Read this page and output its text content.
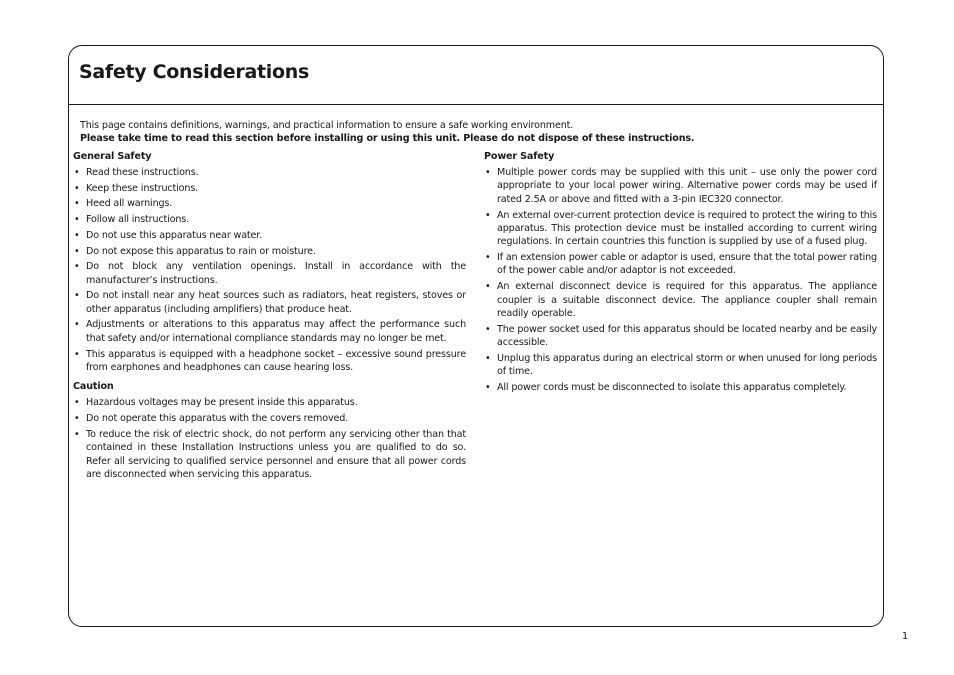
Safety Considerations

This page contains definitions, warnings, and practical information to ensure a safe working environment.

Please take time to read this section before installing or using this unit. Please do not dispose of these instructions.

General Safety
• Read these instructions.
• Keep these instructions.
• Heed all warnings.
• Follow all instructions.
• Do not use this apparatus near water.
• Do not expose this apparatus to rain or moisture.
• Do not block any ventilation openings. Install in accordance with the manufacturer’s instructions.
• Do not install near any heat sources such as radiators, heat registers, stoves or other apparatus (including amplifiers) that produce heat.
• Adjustments or alterations to this apparatus may affect the performance such that safety and/or international compliance standards may no longer be met.
• This apparatus is equipped with a headphone socket – excessive sound pressure from earphones and headphones can cause hearing loss.
Caution
• Hazardous voltages may be present inside this apparatus.
• Do not operate this apparatus with the covers removed.
• To reduce the risk of electric shock, do not perform any servicing other than that contained in these Installation Instructions unless you are qualified to do so. Refer all servicing to qualified service personnel and ensure that all power cords are disconnected when servicing this apparatus.
Power Safety
• Multiple power cords may be supplied with this unit – use only the power cord appropriate to your local power wiring. Alternative power cords may be used if rated 2.5A or above and fitted with a 3-pin IEC320 connector.
• An external over-current protection device is required to protect the wiring to this apparatus. This protection device must be installed according to current wiring regulations. In certain countries this function is supplied by use of a fused plug.
• If an extension power cable or adaptor is used, ensure that the total power rating of the power cable and/or adaptor is not exceeded.
• An external disconnect device is required for this apparatus. The appliance coupler is a suitable disconnect device. The appliance coupler shall remain readily operable.
• The power socket used for this apparatus should be located nearby and be easily accessible.
• Unplug this apparatus during an electrical storm or when unused for long periods of time.
• All power cords must be disconnected to isolate this apparatus completely.
1
